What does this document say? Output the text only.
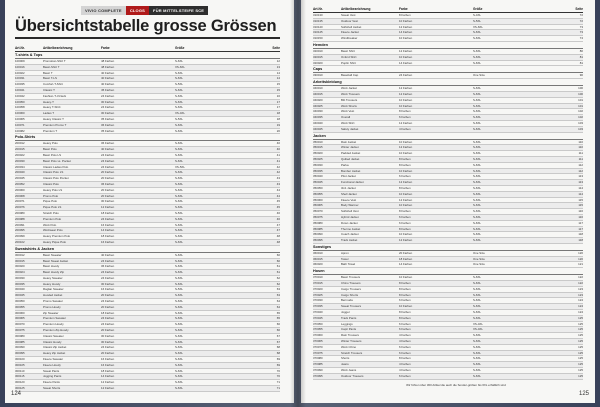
VIVIO COMPLETE	CLOGS	FÜR MITTELSTEIFE SCE
Übersichtstabelle grosse Grössen
Art.Nr.	Artikelbezeichnung	Farbe	Größe	Seite
T-shirts & Tops
100009	Promotion-Shirt T	48 Farben	S-6XL	12
100016	Basic-Shirt T	48 Farben	XS-6XL	13
100022	Basic T	40 Farben	S-6XL	14
100031	Basic T-LS	40 Farben	S-6XL	14
100035	Comfort-T-Shirt	40 Farben	S-5XL	15
100041	Classic T	45 Farben	S-6XL	15
100042	Fashion-T-V-Neck	24 Farben	S-6XL	16
100050	Heavy-T	30 Farben	S-6XL	17
100058	Heavy T-Shirt	24 Farben	S-6XL	17
100060	Ladies T	30 Farben	XS-4XL	18
100065	Heavy Classic T	35 Farben	S-5XL	18
100071	Premium Promo T	36 Farben	S-6XL	19
100082	Premium T	35 Farben	S-6XL	20
Polo-Shirts
200012	Heavy Polo	36 Farben	S-6XL	40
200015	Basic Polo	40 Farben	S-6XL	40
200022	Basic Polo LS	24 Farben	S-6XL	41
200030	Basic Polo vs. Pocket	24 Farben	S-6XL	41
200034	Classic Ladies Polo	24 Farben	XS-5XL	42
200040	Classic Polo LS	20 Farben	S-6XL	42
200045	Classic Polo Pocket	20 Farben	S-6XL	43
200052	Classic Polo	36 Farben	S-6XL	43
200060	Heavy Polo LS	20 Farben	S-6XL	44
200068	Promo Polo	20 Farben	S-6XL	44
200071	Pique Polo	30 Farben	S-6XL	45
200076	Pique Polo LS	12 Farben	S-6XL	45
200080	Stretch Polo	18 Farben	S-5XL	46
200088	Premium Polo	24 Farben	S-6XL	46
200091	Work Polo	16 Farben	S-6XL	47
200095	Workwear Polo	14 Farben	S-6XL	47
200099	Heavy Premium Polo	18 Farben	S-6XL	48
200102	Heavy Pique Polo	16 Farben	S-6XL	48
Sweatshirts & Jacken
300012	Basic Sweater	40 Farben	S-6XL	60
300015	Basic Sweat Jacket	24 Farben	S-6XL	60
300020	Basic Hoody	36 Farben	S-6XL	61
300024	Basic Hoody Zip	24 Farben	S-6XL	61
300030	Heavy Sweater	24 Farben	S-6XL	62
300035	Heavy Hoody	30 Farben	S-6XL	62
300040	Raglan Sweater	16 Farben	S-5XL	63
300045	Hooded Jacket	20 Farben	S-6XL	63
300050	Promo Sweater	24 Farben	S-6XL	64
300055	Promo Hoody	20 Farben	S-6XL	64
300060	Zip Sweater	18 Farben	S-6XL	65
300065	Premium Sweater	24 Farben	S-6XL	65
300070	Premium Hoody	24 Farben	S-6XL	66
300075	Premium Zip Hoody	20 Farben	S-6XL	66
300080	Classic Sweater	30 Farben	S-6XL	67
300085	Classic Hoody	30 Farben	S-6XL	67
300090	Classic Zip Jacket	24 Farben	S-6XL	68
300095	Heavy Zip Jacket	20 Farben	S-6XL	68
300100	Fleece Sweater	16 Farben	S-6XL	69
300105	Fleece Hoody	16 Farben	S-6XL	69
300110	Sweat Pants	18 Farben	S-6XL	70
300115	Jogging Pants	14 Farben	S-6XL	70
300120	Fleece Pants	12 Farben	S-6XL	71
300125	Sweat Shorts	12 Farben	S-6XL	71
124
Art.Nr.	Artikelbezeichnung	Farbe	Größe	Seite
310130	Sweat Vest	8 Farben	S-4XL	72
310135	Outdoor Vest	10 Farben	S-5XL	72
310140	Softshell Jacket	12 Farben	XS-6XL	73
310145	Fleece Jacket	14 Farben	S-6XL	73
310150	Windbreaker	10 Farben	S-6XL	74
Hemden
320010	Basic Shirt	12 Farben	S-6XL	80
320015	Oxford Shirt	10 Farben	S-6XL	81
320020	Poplin Shirt	14 Farben	S-6XL	81
Caps
330010	Baseball Cap	24 Farben	One Size	90
Arbeitskleidung
340010	Work Jacket	12 Farben	S-6XL	100
340015	Work Trousers	12 Farben	S-6XL	100
340020	Bib Trousers	10 Farben	S-6XL	101
340025	Work Shorts	10 Farben	S-6XL	101
340030	Work Vest	8 Farben	S-6XL	102
340035	Overall	6 Farben	S-6XL	102
340040	Work Shirt	12 Farben	S-6XL	103
340045	Safety Jacket	4 Farben	S-6XL	103
Jacken
350010	Rain Jacket	10 Farben	S-6XL	110
350015	Winter Jacket	12 Farben	S-6XL	110
350020	Padded Jacket	10 Farben	S-6XL	111
350025	Quilted Jacket	8 Farben	S-6XL	111
350030	Parka	8 Farben	S-6XL	112
350035	Bomber Jacket	10 Farben	S-6XL	112
350040	Pilot Jacket	6 Farben	S-6XL	113
350045	Functional Jacket	12 Farben	S-6XL	113
350050	3in1 Jacket	8 Farben	S-6XL	114
350055	Shell Jacket	10 Farben	S-6XL	114
350060	Fleece Vest	12 Farben	S-6XL	115
350065	Body Warmer	10 Farben	S-6XL	115
350070	Softshell Vest	8 Farben	S-6XL	116
350075	Hybrid Jacket	6 Farben	S-6XL	116
350080	Down Jacket	6 Farben	S-6XL	117
350085	Thermo Jacket	8 Farben	S-6XL	117
350090	Coach Jacket	10 Farben	S-6XL	118
350095	Track Jacket	12 Farben	S-6XL	118
Sonstiges
360010	Apron	20 Farben	One Size	120
360015	Towel	18 Farben	One Size	120
360020	Bath Towel	14 Farben	One Size	121
Hosen
370010	Basic Trousers	10 Farben	S-6XL	122
370015	Chino Trousers	8 Farben	S-6XL	122
370020	Cargo Trousers	8 Farben	S-6XL	123
370025	Cargo Shorts	8 Farben	S-6XL	123
370030	Bermuda	6 Farben	S-6XL	124
370035	Sweat Trousers	10 Farben	S-6XL	124
370040	Jogger	8 Farben	S-6XL	124
370045	Track Pants	8 Farben	S-6XL	125
370050	Leggings	6 Farben	XS-4XL	125
370055	Capri Pants	6 Farben	XS-4XL	125
370060	Rain Trousers	4 Farben	S-6XL	125
370065	Winter Trousers	4 Farben	S-6XL	125
370070	Work Chino	6 Farben	S-6XL	125
370075	Stretch Trousers	6 Farben	S-6XL	125
370080	Shorts	8 Farben	S-6XL	125
370085	Jeans	4 Farben	S-6XL	125
370090	Work Jeans	4 Farben	S-6XL	125
370095	Outdoor Trousers	6 Farben	S-6XL	125
Wir führen über 300 Artikel die auch die Sonder-größen bis 6XL erhältlich sind
125
